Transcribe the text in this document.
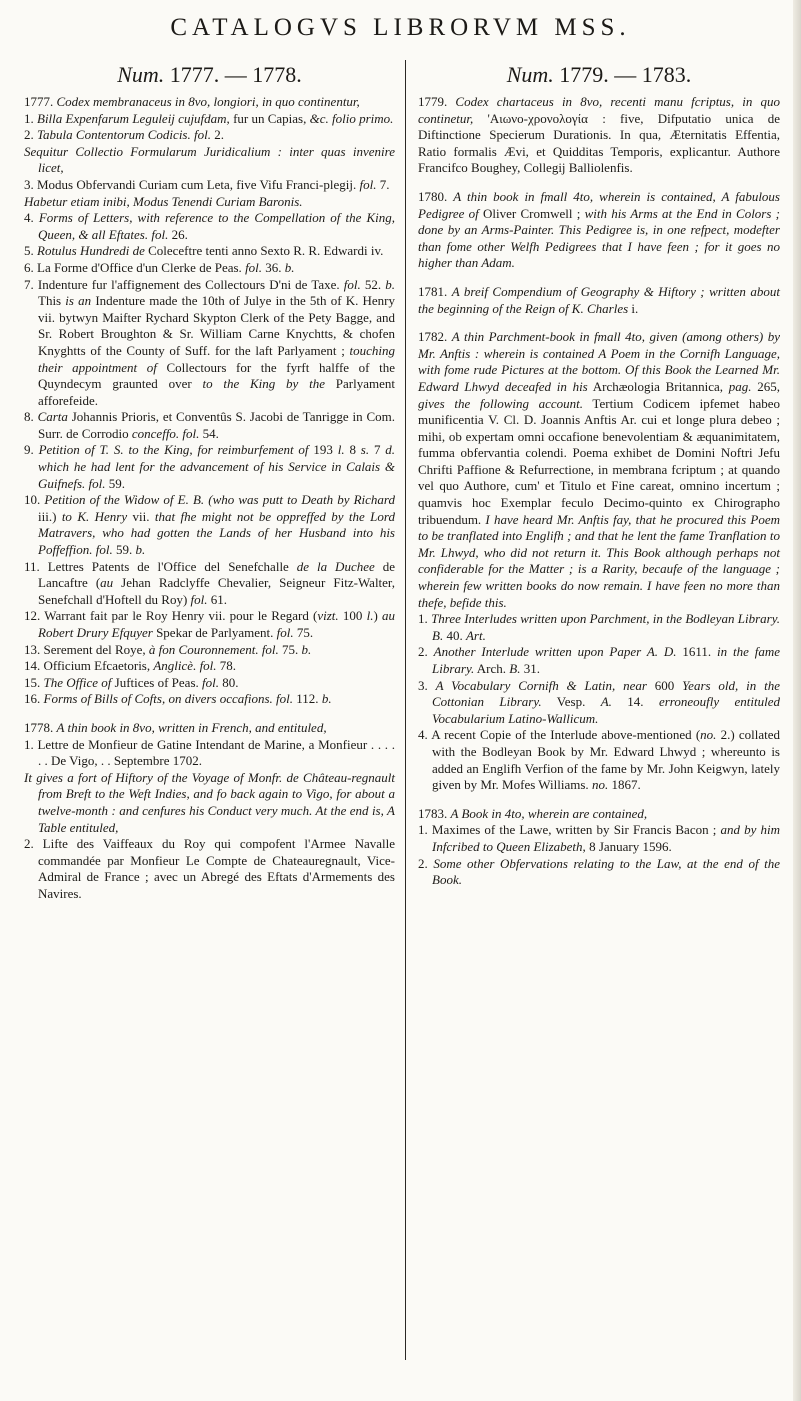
CATALOGVS LIBRORVM MSS.
Num. 1777. — 1778.

1777. Codex membranaceus in 8vo, longiori, in quo continentur,

1. Billa Expenfarum Leguleij cujufdam, fur un Capias, &c. folio primo.

2. Tabula Contentorum Codicis. fol. 2.

Sequitur Collectio Formularum Juridicalium : inter quas invenire licet,

3. Modus Obfervandi Curiam cum Leta, five Vifu Franci-plegij. fol. 7.

Habetur etiam inibi, Modus Tenendi Curiam Baronis.

4. Forms of Letters, with reference to the Compellation of the King, Queen, & all Eftates. fol. 26.

5. Rotulus Hundredi de Coleceftre tenti anno Sexto R. R. Edwardi iv.

6. La Forme d'Office d'un Clerke de Peas. fol. 36. b.

7. Indenture fur l'affignement des Collectours D'ni de Taxe. fol. 52. b. This is an Indenture made the 10th of Julye in the 5th of K. Henry vii. bytwyn Maifter Rychard Skypton Clerk of the Pety Bagge, and Sr. Robert Broughton & Sr. William Carne Knychtts, & chofen Knyghtts of the County of Suff. for the laft Parlyament ; touching their appointment of Collectours for the fyrft halffe of the Quyndecym graunted over to the King by the Parlyament afforefeide.

8. Carta Johannis Prioris, et Conventûs S. Jacobi de Tanrigge in Com. Surr. de Corrodio conceffo. fol. 54.

9. Petition of T. S. to the King, for reimburfement of 193 l. 8 s. 7 d. which he had lent for the advancement of his Service in Calais & Guifnefs. fol. 59.

10. Petition of the Widow of E. B. (who was putt to Death by Richard iii.) to K. Henry vii. that fhe might not be oppreffed by the Lord Matravers, who had gotten the Lands of her Husband into his Poffeffion. fol. 59. b.

11. Lettres Patents de l'Office del Senefchalle de la Duchee de Lancaftre (au Jehan Radclyffe Chevalier, Seigneur Fitz-Walter, Senefchall d'Hoftell du Roy) fol. 61.

12. Warrant fait par le Roy Henry vii. pour le Regard (vizt. 100 l.) au Robert Drury Efquyer Spekar de Parlyament. fol. 75.

13. Serement del Roye, à fon Couronnement. fol. 75. b.

14. Officium Efcaetoris, Anglicè. fol. 78.

15. The Office of Juftices of Peas. fol. 80.

16. Forms of Bills of Cofts, on divers occafions. fol. 112. b.

1778. A thin book in 8vo, written in French, and entituled,

1. Lettre de Monfieur de Gatine Intendant de Marine, a Monfieur . . . . . . De Vigo, . . Septembre 1702.

It gives a fort of Hiftory of the Voyage of Monfr. de Château-regnault from Breft to the Weft Indies, and fo back again to Vigo, for about a twelve-month : and cenfures his Conduct very much. At the end is, A Table entituled,

2. Lifte des Vaiffeaux du Roy qui compofent l'Armee Navalle commandée par Monfieur Le Compte de Chateauregnault, Vice-Admiral de France ; avec un Abregé des Eftats d'Armements des Navires.

Num. 1779. — 1783.

1779. Codex chartaceus in 8vo, recenti manu fcriptus, in quo continetur, 'Αιωνο-χρονολογία : five, Difputatio unica de Diftinctione Specierum Durationis. In qua, Æternitatis Effentia, Ratio formalis Ævi, et Quidditas Temporis, explicantur. Authore Francifco Boughey, Collegij Balliolenfis.

1780. A thin book in fmall 4to, wherein is contained, A fabulous Pedigree of Oliver Cromwell ; with his Arms at the End in Colors ; done by an Arms-Painter. This Pedigree is, in one refpect, modefter than fome other Welfh Pedigrees that I have feen ; for it goes no higher than Adam.

1781. A breif Compendium of Geography & Hiftory ; written about the beginning of the Reign of K. Charles i.

1782. A thin Parchment-book in fmall 4to, given (among others) by Mr. Anftis : wherein is contained A Poem in the Cornifh Language, with fome rude Pictures at the bottom. Of this Book the Learned Mr. Edward Lhwyd deceafed in his Archæologia Britannica, pag. 265, gives the following account. Tertium Codicem ipfemet habeo munificentia V. Cl. D. Joannis Anftis Ar. cui et longe plura debeo ; mihi, ob expertam omni occafione benevolentiam & æquanimitatem, fumma obfervantia colendi. Poema exhibet de Domini Noftri Jefu Chrifti Paffione & Refurrectione, in membrana fcriptum ; at quando vel quo Authore, cum' et Titulo et Fine careat, omnino incertum ; quamvis hoc Exemplar feculo Decimo-quinto ex Chirographo tribuendum. I have heard Mr. Anftis fay, that he procured this Poem to be tranflated into Englifh ; and that he lent the fame Tranflation to Mr. Lhwyd, who did not return it. This Book although perhaps not confiderable for the Matter ; is a Rarity, becaufe of the language ; wherein few written books do now remain. I have feen no more than thefe, befide this.

1. Three Interludes written upon Parchment, in the Bodleyan Library. B. 40. Art.

2. Another Interlude written upon Paper A. D. 1611. in the fame Library. Arch. B. 31.

3. A Vocabulary Cornifh & Latin, near 600 Years old, in the Cottonian Library. Vesp. A. 14. erroneoufly entituled Vocabularium Latino-Wallicum.

4. A recent Copie of the Interlude above-mentioned (no. 2.) collated with the Bodleyan Book by Mr. Edward Lhwyd ; whereunto is added an Englifh Verfion of the fame by Mr. John Keigwyn, lately given by Mr. Mofes Williams. no. 1867.

1783. A Book in 4to, wherein are contained,

1. Maximes of the Lawe, written by Sir Francis Bacon ; and by him Infcribed to Queen Elizabeth, 8 January 1596.

2. Some other Obfervations relating to the Law, at the end of the Book.
